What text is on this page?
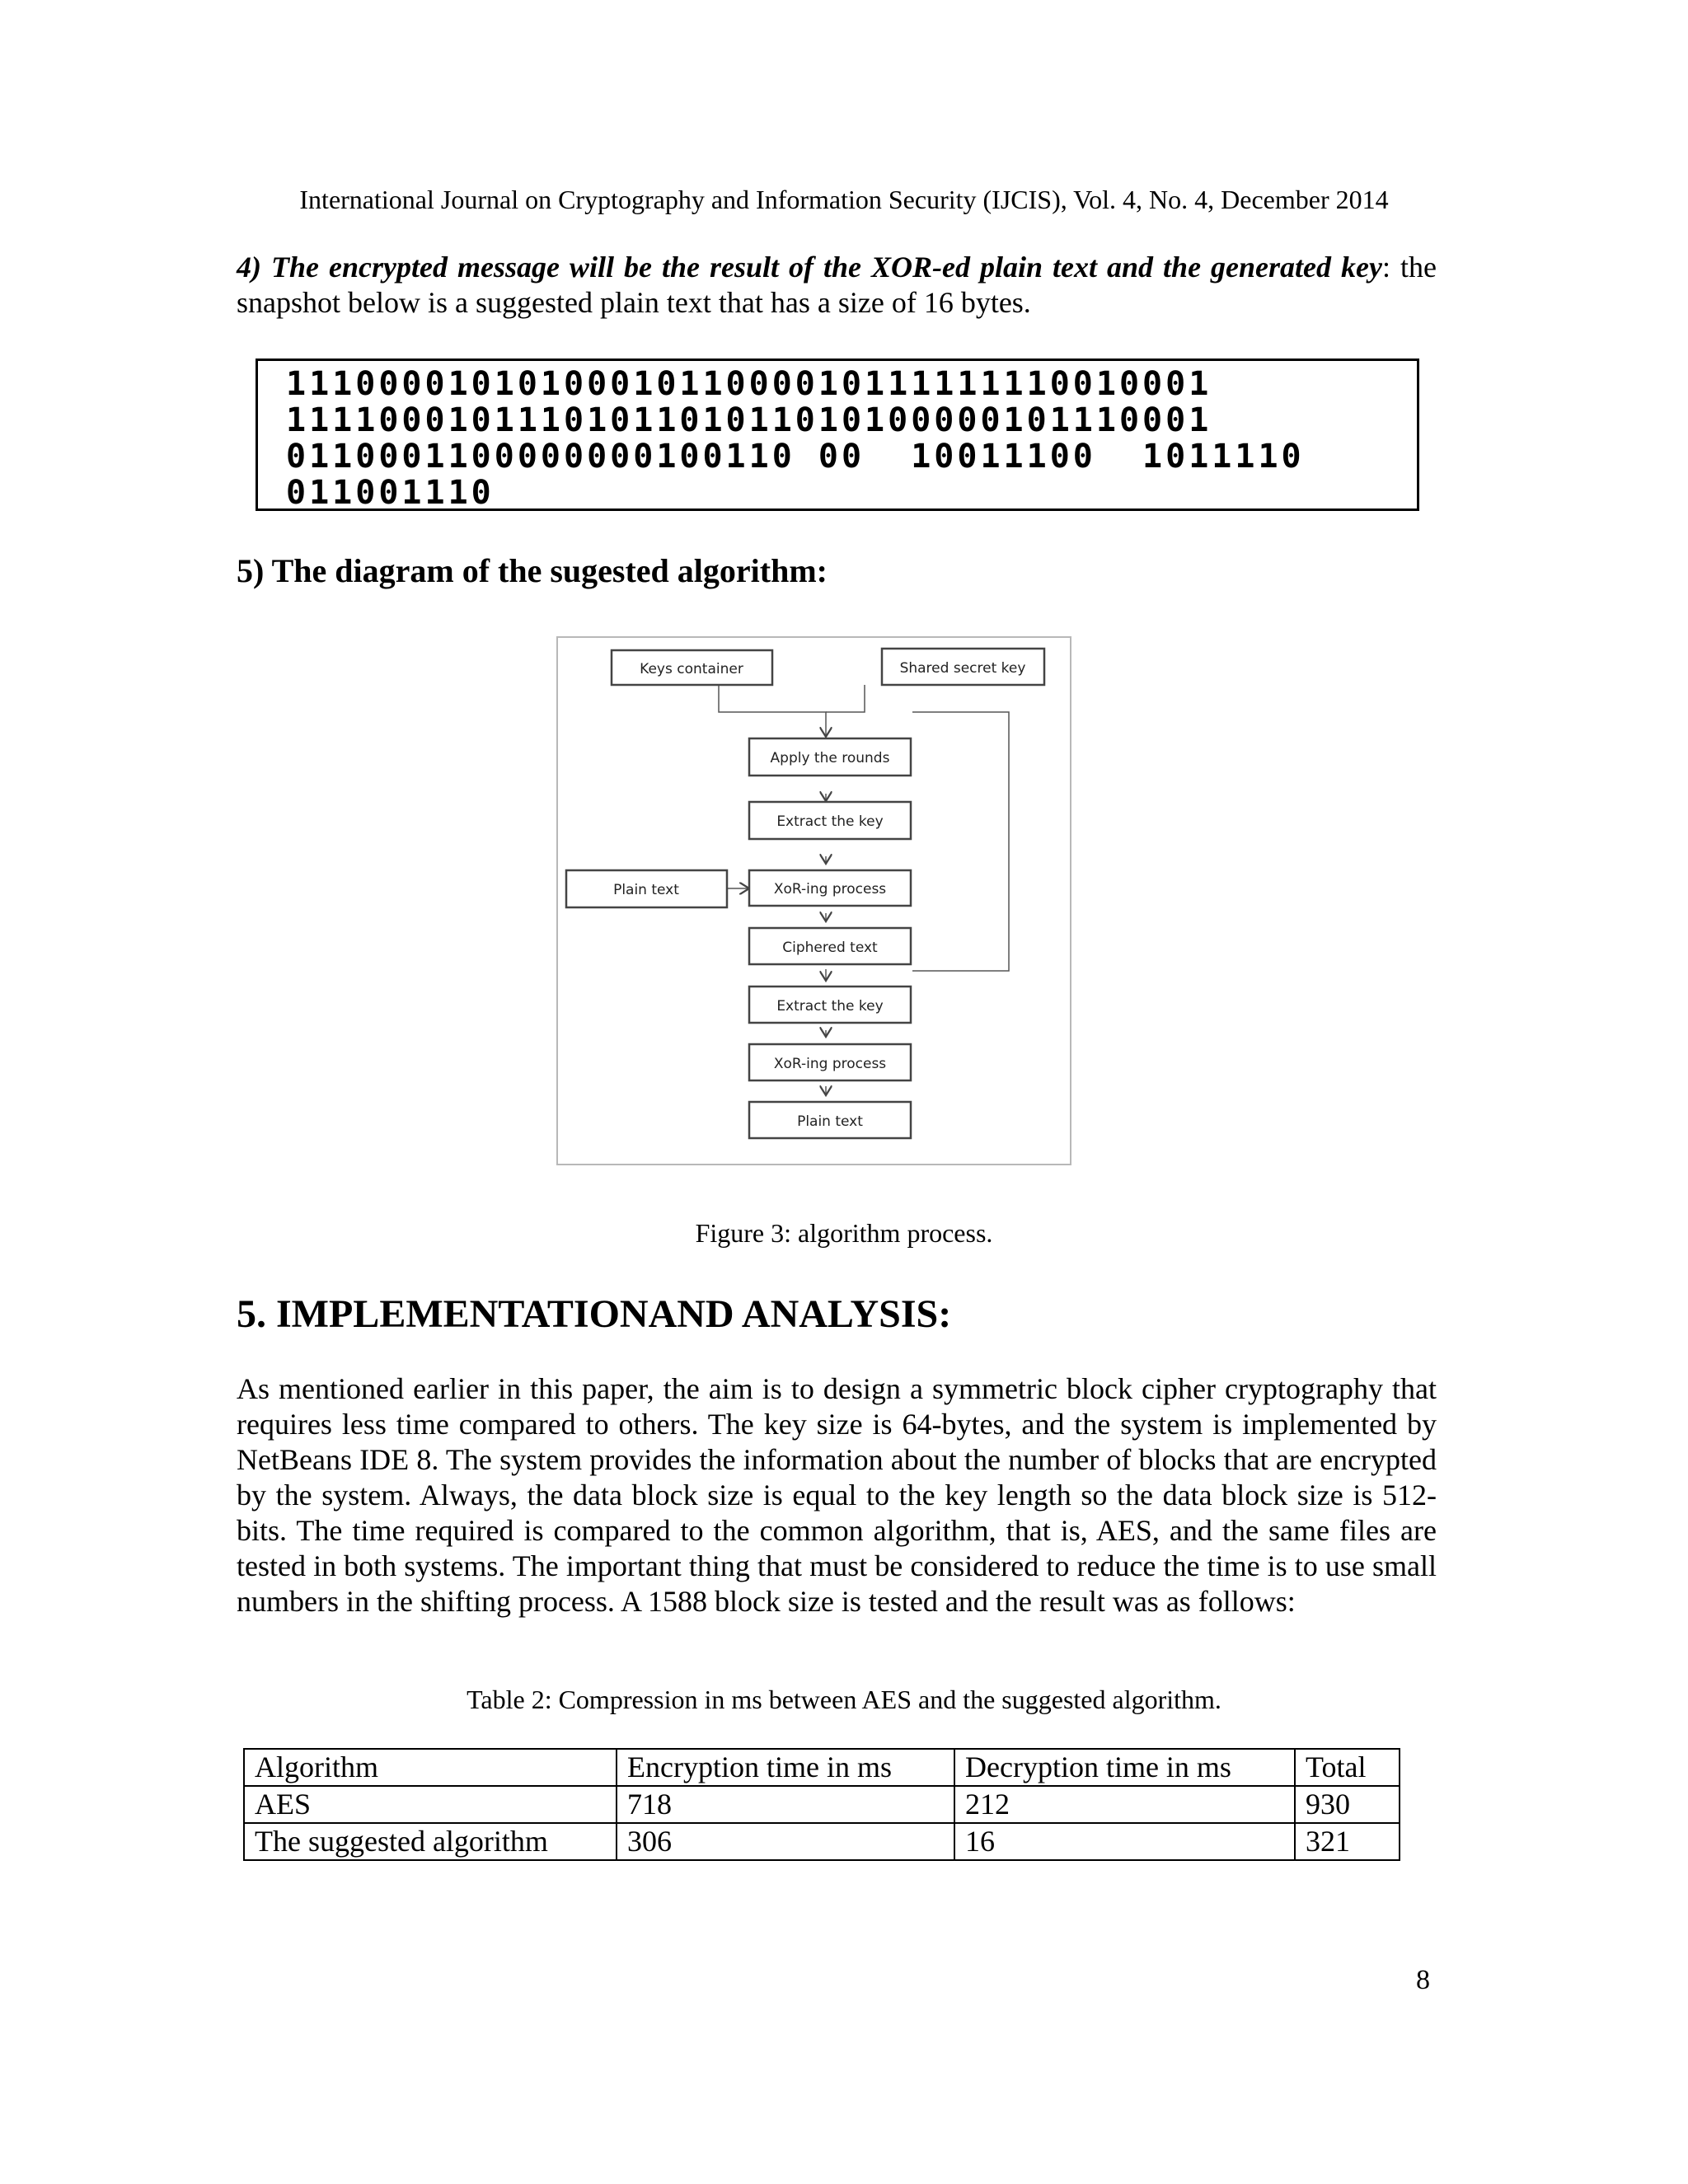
International Journal on Cryptography and Information Security (IJCIS), Vol. 4, No. 4, December 2014

4) The encrypted message will be the result of the XOR-ed plain text and the generated key: the snapshot below is a suggested plain text that has a size of 16 bytes.

1110000101010001011000010111111110010001
1111000101110101101011010100000101110001
0110001100000000100110 00  10011100  1011110
011001110
5) The diagram of the sugested algorithm:
Keys container	Shared secret key
Apply the rounds
Extract the key
Plain text	XoR-ing process
Ciphered text
Extract the key
XoR-ing process
Plain text
Figure 3: algorithm process.
5. IMPLEMENTATIONAND ANALYSIS:

As mentioned earlier in this paper, the aim is to design a symmetric block cipher cryptography that requires less time compared to others. The key size is 64-bytes, and the system is implemented by NetBeans IDE 8. The system provides the information about the number of blocks that are encrypted by the system. Always, the data block size is equal to the key length so the data block size is 512-bits. The time required is compared to the common algorithm, that is, AES, and the same files are tested in both systems. The important thing that must be considered to reduce the time is to use small numbers in the shifting process. A 1588 block size is tested and the result was as follows:

Table 2: Compression in ms between AES and the suggested algorithm.
Algorithm	Encryption time in ms	Decryption time in ms	Total
AES	718	212	930
The suggested algorithm	306	16	321
8
